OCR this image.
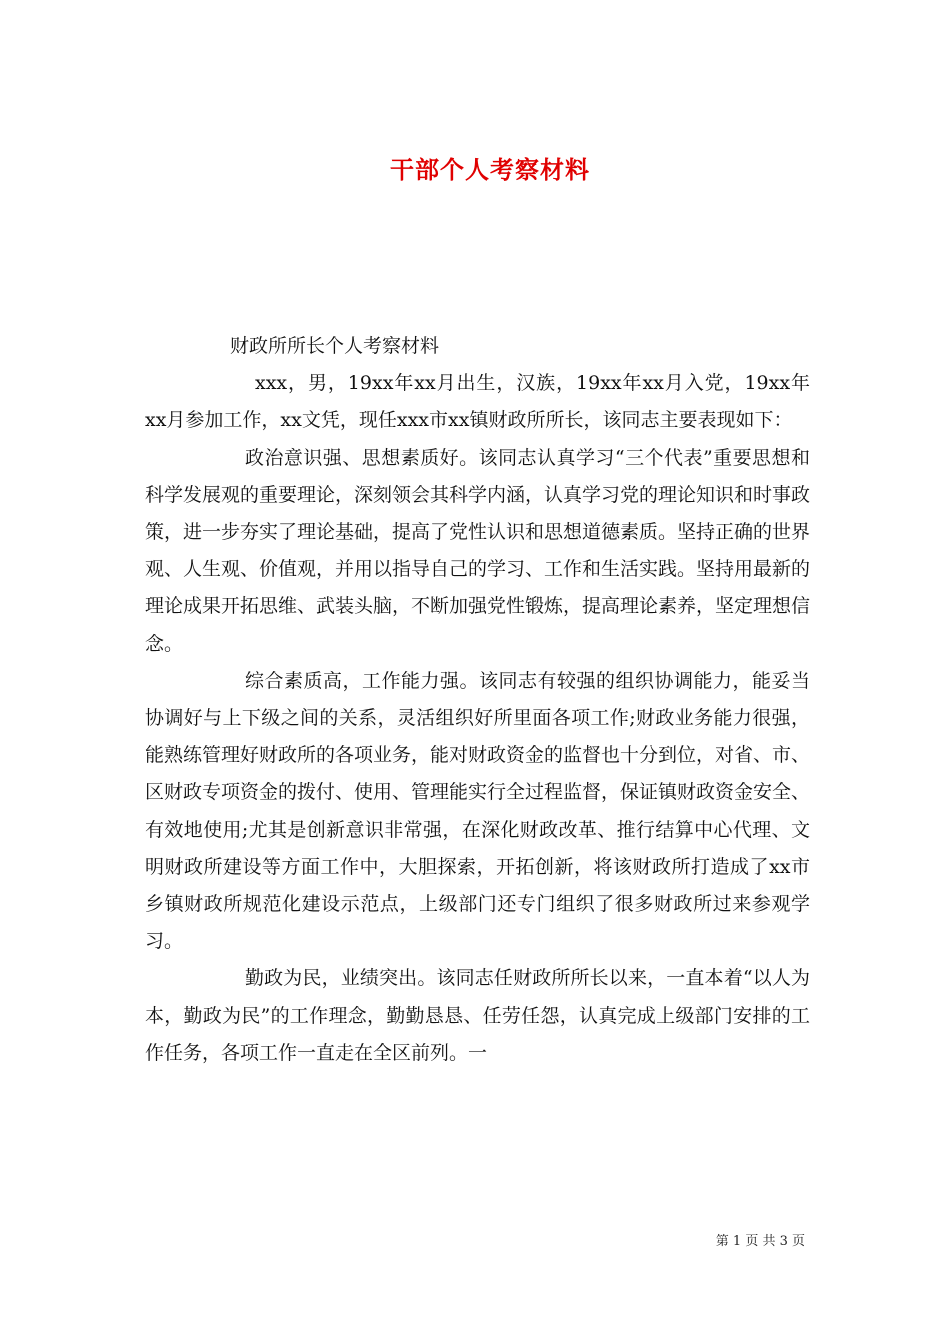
干部个人考察材料

财政所所长个人考察材料

xxx，男，19xx年xx月出生，汉族，19xx年xx月入党，19xx年xx月参加工作，xx文凭，现任xxx市xx镇财政所所长，该同志主要表现如下：

政治意识强、思想素质好。该同志认真学习“三个代表”重要思想和科学发展观的重要理论，深刻领会其科学内涵，认真学习党的理论知识和时事政策，进一步夯实了理论基础，提高了党性认识和思想道德素质。坚持正确的世界观、人生观、价值观，并用以指导自己的学习、工作和生活实践。坚持用最新的理论成果开拓思维、武装头脑，不断加强党性锻炼，提高理论素养，坚定理想信念。

综合素质高，工作能力强。该同志有较强的组织协调能力，能妥当协调好与上下级之间的关系，灵活组织好所里面各项工作;财政业务能力很强，能熟练管理好财政所的各项业务，能对财政资金的监督也十分到位，对省、市、区财政专项资金的拨付、使用、管理能实行全过程监督，保证镇财政资金安全、有效地使用;尤其是创新意识非常强，在深化财政改革、推行结算中心代理、文明财政所建设等方面工作中，大胆探索，开拓创新，将该财政所打造成了xx市乡镇财政所规范化建设示范点，上级部门还专门组织了很多财政所过来参观学习。

勤政为民，业绩突出。该同志任财政所所长以来，一直本着“以人为本，勤政为民”的工作理念，勤勤恳恳、任劳任怨，认真完成上级部门安排的工作任务，各项工作一直走在全区前列。一

第 1 页 共 3 页
